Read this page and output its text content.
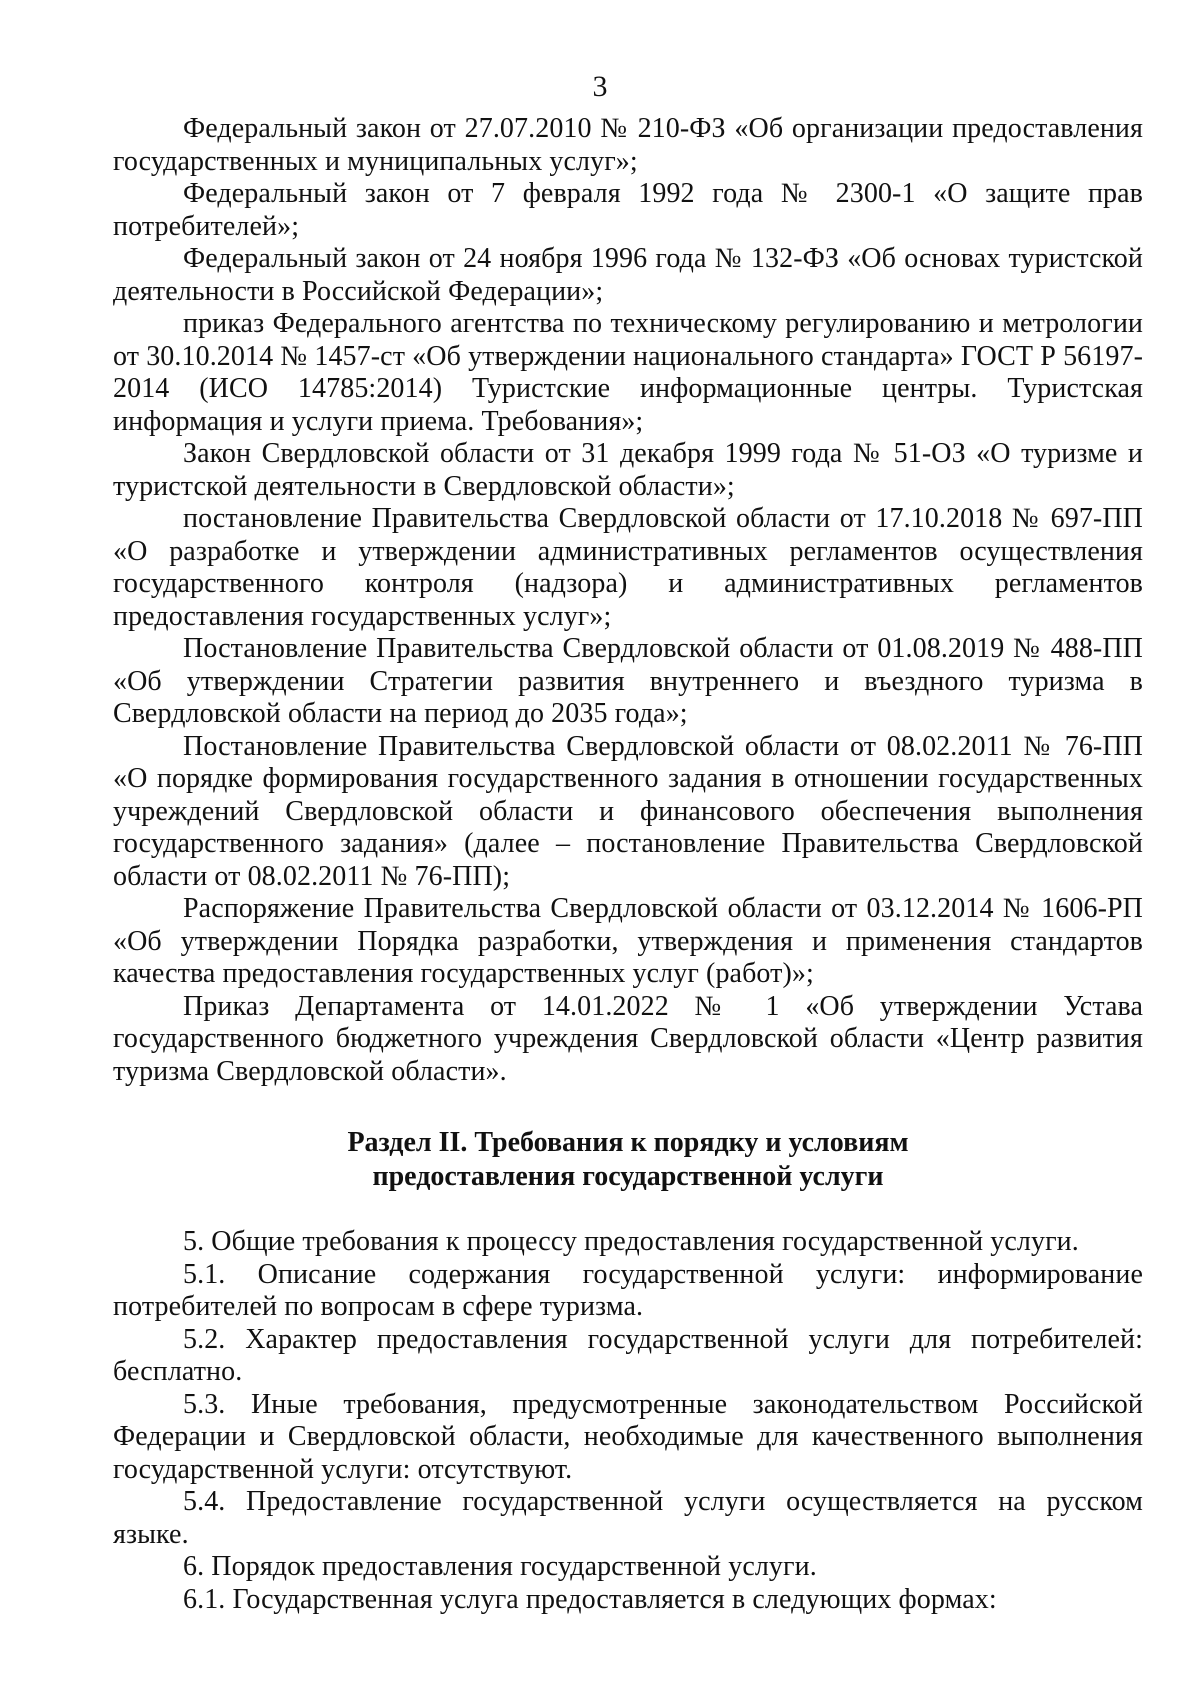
3

Федеральный закон от 27.07.2010 № 210-ФЗ «Об организации предоставления государственных и муниципальных услуг»;

Федеральный закон от 7 февраля 1992 года № 2300-1 «О защите прав потребителей»;

Федеральный закон от 24 ноября 1996 года № 132-ФЗ «Об основах туристской деятельности в Российской Федерации»;

приказ Федерального агентства по техническому регулированию и метрологии от 30.10.2014 № 1457-ст «Об утверждении национального стандарта» ГОСТ Р 56197-2014 (ИСО 14785:2014) Туристские информационные центры. Туристская информация и услуги приема. Требования»;

Закон Свердловской области от 31 декабря 1999 года № 51-ОЗ «О туризме и туристской деятельности в Свердловской области»;

постановление Правительства Свердловской области от 17.10.2018 № 697-ПП «О разработке и утверждении административных регламентов осуществления государственного контроля (надзора) и административных регламентов предоставления государственных услуг»;

Постановление Правительства Свердловской области от 01.08.2019 № 488-ПП «Об утверждении Стратегии развития внутреннего и въездного туризма в Свердловской области на период до 2035 года»;

Постановление Правительства Свердловской области от 08.02.2011 № 76-ПП «О порядке формирования государственного задания в отношении государственных учреждений Свердловской области и финансового обеспечения выполнения государственного задания» (далее – постановление Правительства Свердловской области от 08.02.2011 № 76-ПП);

Распоряжение Правительства Свердловской области от 03.12.2014 № 1606-РП «Об утверждении Порядка разработки, утверждения и применения стандартов качества предоставления государственных услуг (работ)»;

Приказ Департамента от 14.01.2022 № 1 «Об утверждении Устава государственного бюджетного учреждения Свердловской области «Центр развития туризма Свердловской области».

Раздел II. Требования к порядку и условиям
предоставления государственной услуги

5. Общие требования к процессу предоставления государственной услуги.

5.1. Описание содержания государственной услуги: информирование потребителей по вопросам в сфере туризма.

5.2. Характер предоставления государственной услуги для потребителей: бесплатно.

5.3. Иные требования, предусмотренные законодательством Российской Федерации и Свердловской области, необходимые для качественного выполнения государственной услуги: отсутствуют.

5.4. Предоставление государственной услуги осуществляется на русском языке.

6. Порядок предоставления государственной услуги.

6.1. Государственная услуга предоставляется в следующих формах:
